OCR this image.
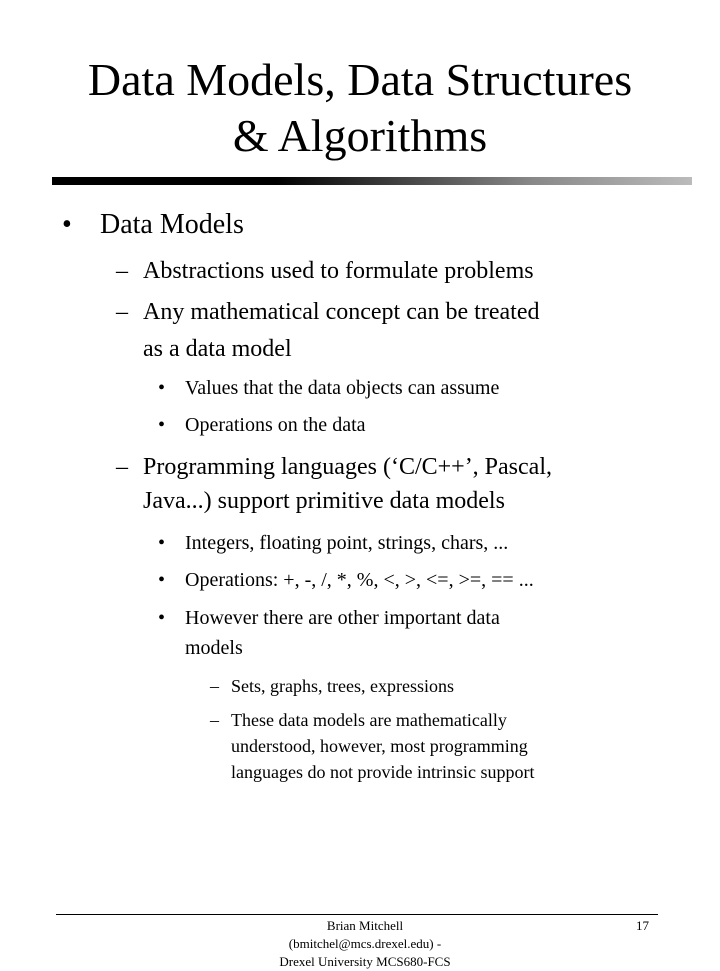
Data Models, Data Structures
& Algorithms
• Data Models
– Abstractions used to formulate problems
– Any mathematical concept can be treated
as a data model
• Values that the data objects can assume
• Operations on the data
– Programming languages (‘C/C++’, Pascal,
Java...) support primitive data models
• Integers, floating point, strings, chars, ...
• Operations: +, -, /, *, %, <, >, <=, >=, == ...
• However there are other important data
models
– Sets, graphs, trees, expressions
– These data models are mathematically
understood, however, most programming
languages do not provide intrinsic support
Brian Mitchell
(bmitchel@mcs.drexel.edu) -
Drexel University MCS680-FCS
17
